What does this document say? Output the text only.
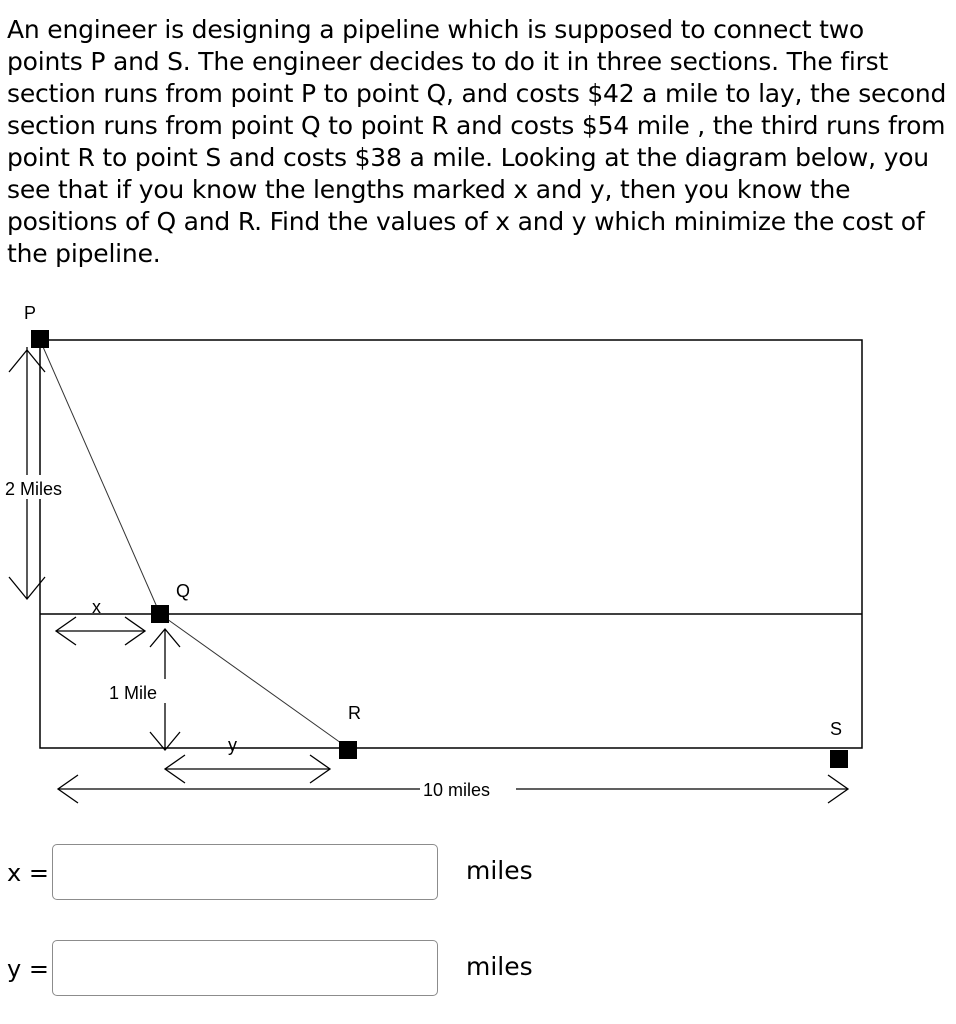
An engineer is designing a pipeline which is supposed to connect two points P and S. The engineer decides to do it in three sections. The first section runs from point P to point Q, and costs $42 a mile to lay, the second section runs from point Q to point R and costs $54 mile , the third runs from point R to point S and costs $38 a mile. Looking at the diagram below, you see that if you know the lengths marked x and y, then you know the positions of Q and R. Find the values of x and y which minimize the cost of the pipeline.

P
Q
R
S
2 Miles
x
1 Mile
y
10 miles
x =	miles
y =	miles
